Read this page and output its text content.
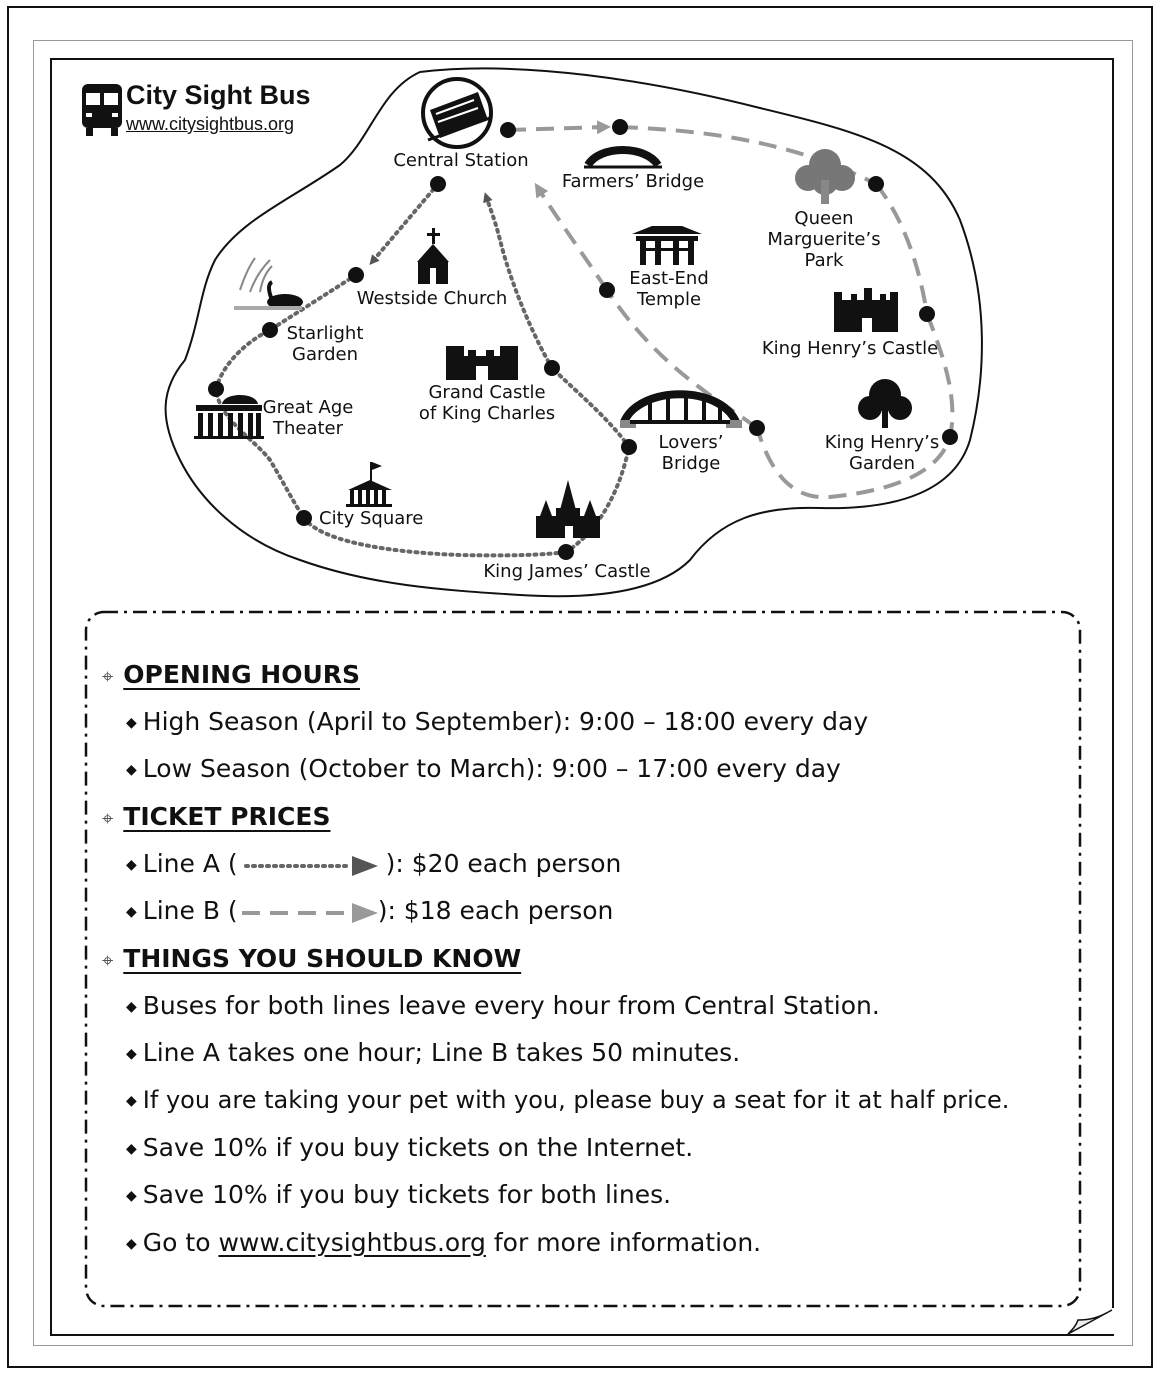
City Sight Bus
www.citysightbus.org
Central Station
Farmers’ Bridge
Queen
Marguerite’s
Park
East-End
Temple
Westside Church
Starlight
Garden	King Henry’s Castle
Grand Castle
of King Charles
Great Age
Theater
Lovers’
Bridge
King Henry’s
Garden
City Square
King James’ Castle
⌖ OPENING HOURS
◆ High Season (April to September): 9:00 – 18:00 every day
◆ Low Season (October to March): 9:00 – 17:00 every day
⌖ TICKET PRICES
◆ Line A (	): $20 each person
◆ Line B (	): $18 each person
⌖ THINGS YOU SHOULD KNOW
◆ Buses for both lines leave every hour from Central Station.
◆ Line A takes one hour; Line B takes 50 minutes.
◆ If you are taking your pet with you, please buy a seat for it at half price.
◆ Save 10% if you buy tickets on the Internet.
◆ Save 10% if you buy tickets for both lines.
◆ Go to www.citysightbus.org for more information.
